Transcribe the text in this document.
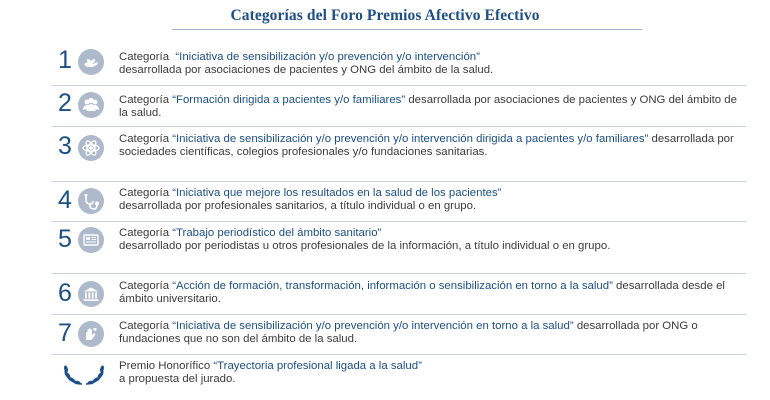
Categorías del Foro Premios Afectivo Efectivo
1	Categoría “Iniciativa de sensibilización y/o prevención y/o intervención”
desarrollada por asociaciones de pacientes y ONG del ámbito de la salud.
2	Categoría “Formación dirigida a pacientes y/o familiares” desarrollada por asociaciones de pacientes y ONG del ámbito de la salud.
3	Categoría “Iniciativa de sensibilización y/o prevención y/o intervención dirigida a pacientes y/o familiares” desarrollada por sociedades científicas, colegios profesionales y/o fundaciones sanitarias.
4	Categoría “Iniciativa que mejore los resultados en la salud de los pacientes”
desarrollada por profesionales sanitarios, a título individual o en grupo.
5	Categoría “Trabajo periodístico del ámbito sanitario”
desarrollado por periodistas u otros profesionales de la información, a título individual o en grupo.
6	Categoría “Acción de formación, transformación, información o sensibilización en torno a la salud” desarrollada desde el ámbito universitario.
7	Categoría “Iniciativa de sensibilización y/o prevención y/o intervención en torno a la salud” desarrollada por ONG o fundaciones que no son del ámbito de la salud.
Premio Honorífico “Trayectoria profesional ligada a la salud”
a propuesta del jurado.
